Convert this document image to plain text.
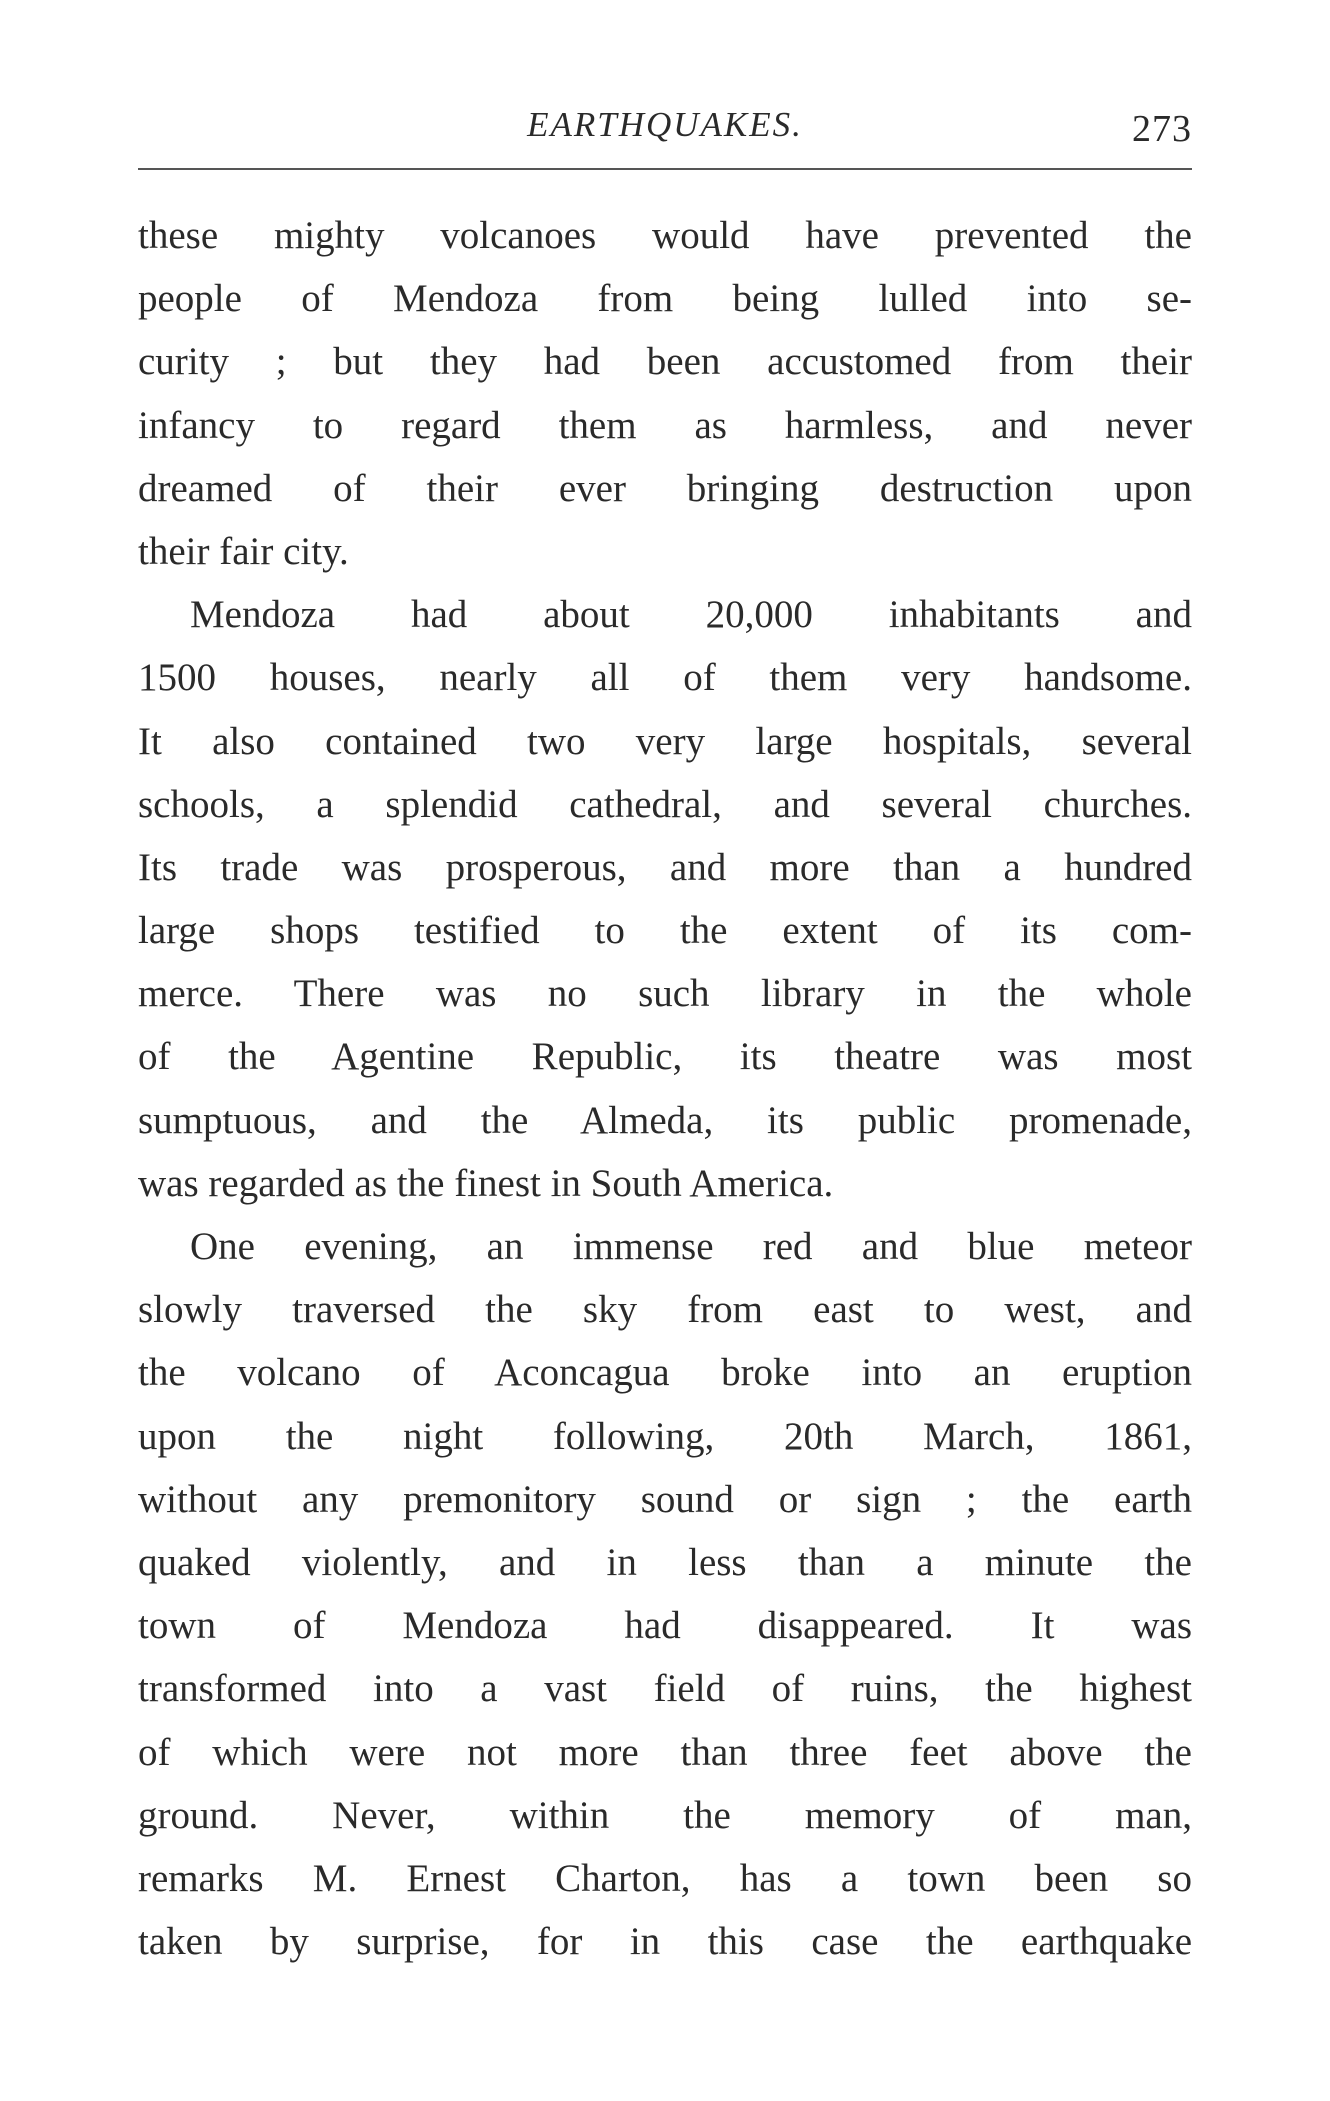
EARTHQUAKES.	273
these mighty volcanoes would have prevented the
people of Mendoza from being lulled into se-
curity ; but they had been accustomed from their
infancy to regard them as harmless, and never
dreamed of their ever bringing destruction upon
their fair city.
Mendoza had about 20,000 inhabitants and
1500 houses, nearly all of them very handsome.
It also contained two very large hospitals, several
schools, a splendid cathedral, and several churches.
Its trade was prosperous, and more than a hundred
large shops testified to the extent of its com-
merce. There was no such library in the whole
of the Agentine Republic, its theatre was most
sumptuous, and the Almeda, its public promenade,
was regarded as the finest in South America.
One evening, an immense red and blue meteor
slowly traversed the sky from east to west, and
the volcano of Aconcagua broke into an eruption
upon the night following, 20th March, 1861,
without any premonitory sound or sign ; the earth
quaked violently, and in less than a minute the
town of Mendoza had disappeared. It was
transformed into a vast field of ruins, the highest
of which were not more than three feet above the
ground. Never, within the memory of man,
remarks M. Ernest Charton, has a town been so
taken by surprise, for in this case the earthquake
